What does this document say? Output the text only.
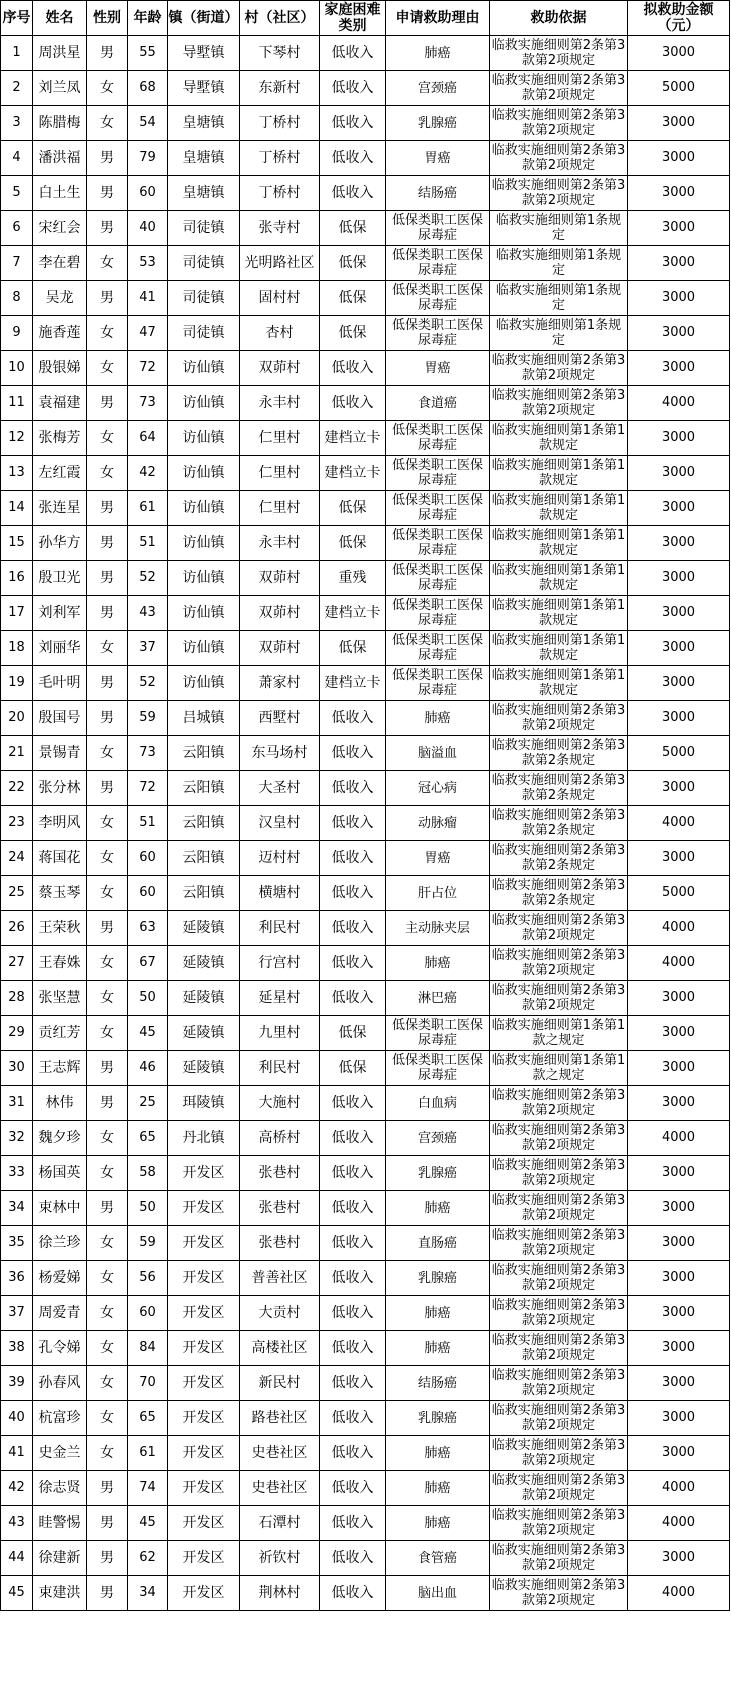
序号	姓名	性别	年龄	镇（街道）	村（社区）	家庭困难类别	申请救助理由	救助依据	拟救助金额（元）
1	周洪星	男	55	导墅镇	下琴村	低收入	肺癌	临救实施细则第2条第3款第2项规定	3000
2	刘兰凤	女	68	导墅镇	东新村	低收入	宫颈癌	临救实施细则第2条第3款第2项规定	5000
3	陈腊梅	女	54	皇塘镇	丁桥村	低收入	乳腺癌	临救实施细则第2条第3款第2项规定	3000
4	潘洪福	男	79	皇塘镇	丁桥村	低收入	胃癌	临救实施细则第2条第3款第2项规定	3000
5	白土生	男	60	皇塘镇	丁桥村	低收入	结肠癌	临救实施细则第2条第3款第2项规定	3000
6	宋红会	男	40	司徒镇	张寺村	低保	低保类职工医保尿毒症	临救实施细则第1条规定	3000
7	李在碧	女	53	司徒镇	光明路社区	低保	低保类职工医保尿毒症	临救实施细则第1条规定	3000
8	吴龙	男	41	司徒镇	固村村	低保	低保类职工医保尿毒症	临救实施细则第1条规定	3000
9	施香莲	女	47	司徒镇	杏村	低保	低保类职工医保尿毒症	临救实施细则第1条规定	3000
10	殷银娣	女	72	访仙镇	双茆村	低收入	胃癌	临救实施细则第2条第3款第2项规定	3000
11	袁福建	男	73	访仙镇	永丰村	低收入	食道癌	临救实施细则第2条第3款第2项规定	4000
12	张梅芳	女	64	访仙镇	仁里村	建档立卡	低保类职工医保尿毒症	临救实施细则第1条第1款规定	3000
13	左红霞	女	42	访仙镇	仁里村	建档立卡	低保类职工医保尿毒症	临救实施细则第1条第1款规定	3000
14	张连星	男	61	访仙镇	仁里村	低保	低保类职工医保尿毒症	临救实施细则第1条第1款规定	3000
15	孙华方	男	51	访仙镇	永丰村	低保	低保类职工医保尿毒症	临救实施细则第1条第1款规定	3000
16	殷卫光	男	52	访仙镇	双茆村	重残	低保类职工医保尿毒症	临救实施细则第1条第1款规定	3000
17	刘利军	男	43	访仙镇	双茆村	建档立卡	低保类职工医保尿毒症	临救实施细则第1条第1款规定	3000
18	刘丽华	女	37	访仙镇	双茆村	低保	低保类职工医保尿毒症	临救实施细则第1条第1款规定	3000
19	毛叶明	男	52	访仙镇	萧家村	建档立卡	低保类职工医保尿毒症	临救实施细则第1条第1款规定	3000
20	殷国号	男	59	吕城镇	西墅村	低收入	肺癌	临救实施细则第2条第3款第2项规定	3000
21	景锡青	女	73	云阳镇	东马场村	低收入	脑溢血	临救实施细则第2条第3款第2条规定	5000
22	张分林	男	72	云阳镇	大圣村	低收入	冠心病	临救实施细则第2条第3款第2条规定	3000
23	李明风	女	51	云阳镇	汉皇村	低收入	动脉瘤	临救实施细则第2条第3款第2条规定	4000
24	蒋国花	女	60	云阳镇	迈村村	低收入	胃癌	临救实施细则第2条第3款第2条规定	3000
25	蔡玉琴	女	60	云阳镇	横塘村	低收入	肝占位	临救实施细则第2条第3款第2条规定	5000
26	王荣秋	男	63	延陵镇	利民村	低收入	主动脉夹层	临救实施细则第2条第3款第2项规定	4000
27	王春姝	女	67	延陵镇	行宫村	低收入	肺癌	临救实施细则第2条第3款第2项规定	4000
28	张坚慧	女	50	延陵镇	延星村	低收入	淋巴癌	临救实施细则第2条第3款第2项规定	3000
29	贡红芳	女	45	延陵镇	九里村	低保	低保类职工医保尿毒症	临救实施细则第1条第1款之规定	3000
30	王志辉	男	46	延陵镇	利民村	低保	低保类职工医保尿毒症	临救实施细则第1条第1款之规定	3000
31	林伟	男	25	珥陵镇	大施村	低收入	白血病	临救实施细则第2条第3款第2项规定	3000
32	魏夕珍	女	65	丹北镇	高桥村	低收入	宫颈癌	临救实施细则第2条第3款第2项规定	4000
33	杨国英	女	58	开发区	张巷村	低收入	乳腺癌	临救实施细则第2条第3款第2项规定	3000
34	束林中	男	50	开发区	张巷村	低收入	肺癌	临救实施细则第2条第3款第2项规定	3000
35	徐兰珍	女	59	开发区	张巷村	低收入	直肠癌	临救实施细则第2条第3款第2项规定	3000
36	杨爱娣	女	56	开发区	普善社区	低收入	乳腺癌	临救实施细则第2条第3款第2项规定	3000
37	周爱青	女	60	开发区	大贡村	低收入	肺癌	临救实施细则第2条第3款第2项规定	3000
38	孔令娣	女	84	开发区	高楼社区	低收入	肺癌	临救实施细则第2条第3款第2项规定	3000
39	孙春风	女	70	开发区	新民村	低收入	结肠癌	临救实施细则第2条第3款第2项规定	3000
40	杭富珍	女	65	开发区	路巷社区	低收入	乳腺癌	临救实施细则第2条第3款第2项规定	3000
41	史金兰	女	61	开发区	史巷社区	低收入	肺癌	临救实施细则第2条第3款第2项规定	3000
42	徐志贤	男	74	开发区	史巷社区	低收入	肺癌	临救实施细则第2条第3款第2项规定	4000
43	眭警惕	男	45	开发区	石潭村	低收入	肺癌	临救实施细则第2条第3款第2项规定	4000
44	徐建新	男	62	开发区	祈钦村	低收入	食管癌	临救实施细则第2条第3款第2项规定	3000
45	束建洪	男	34	开发区	荆林村	低收入	脑出血	临救实施细则第2条第3款第2项规定	4000
